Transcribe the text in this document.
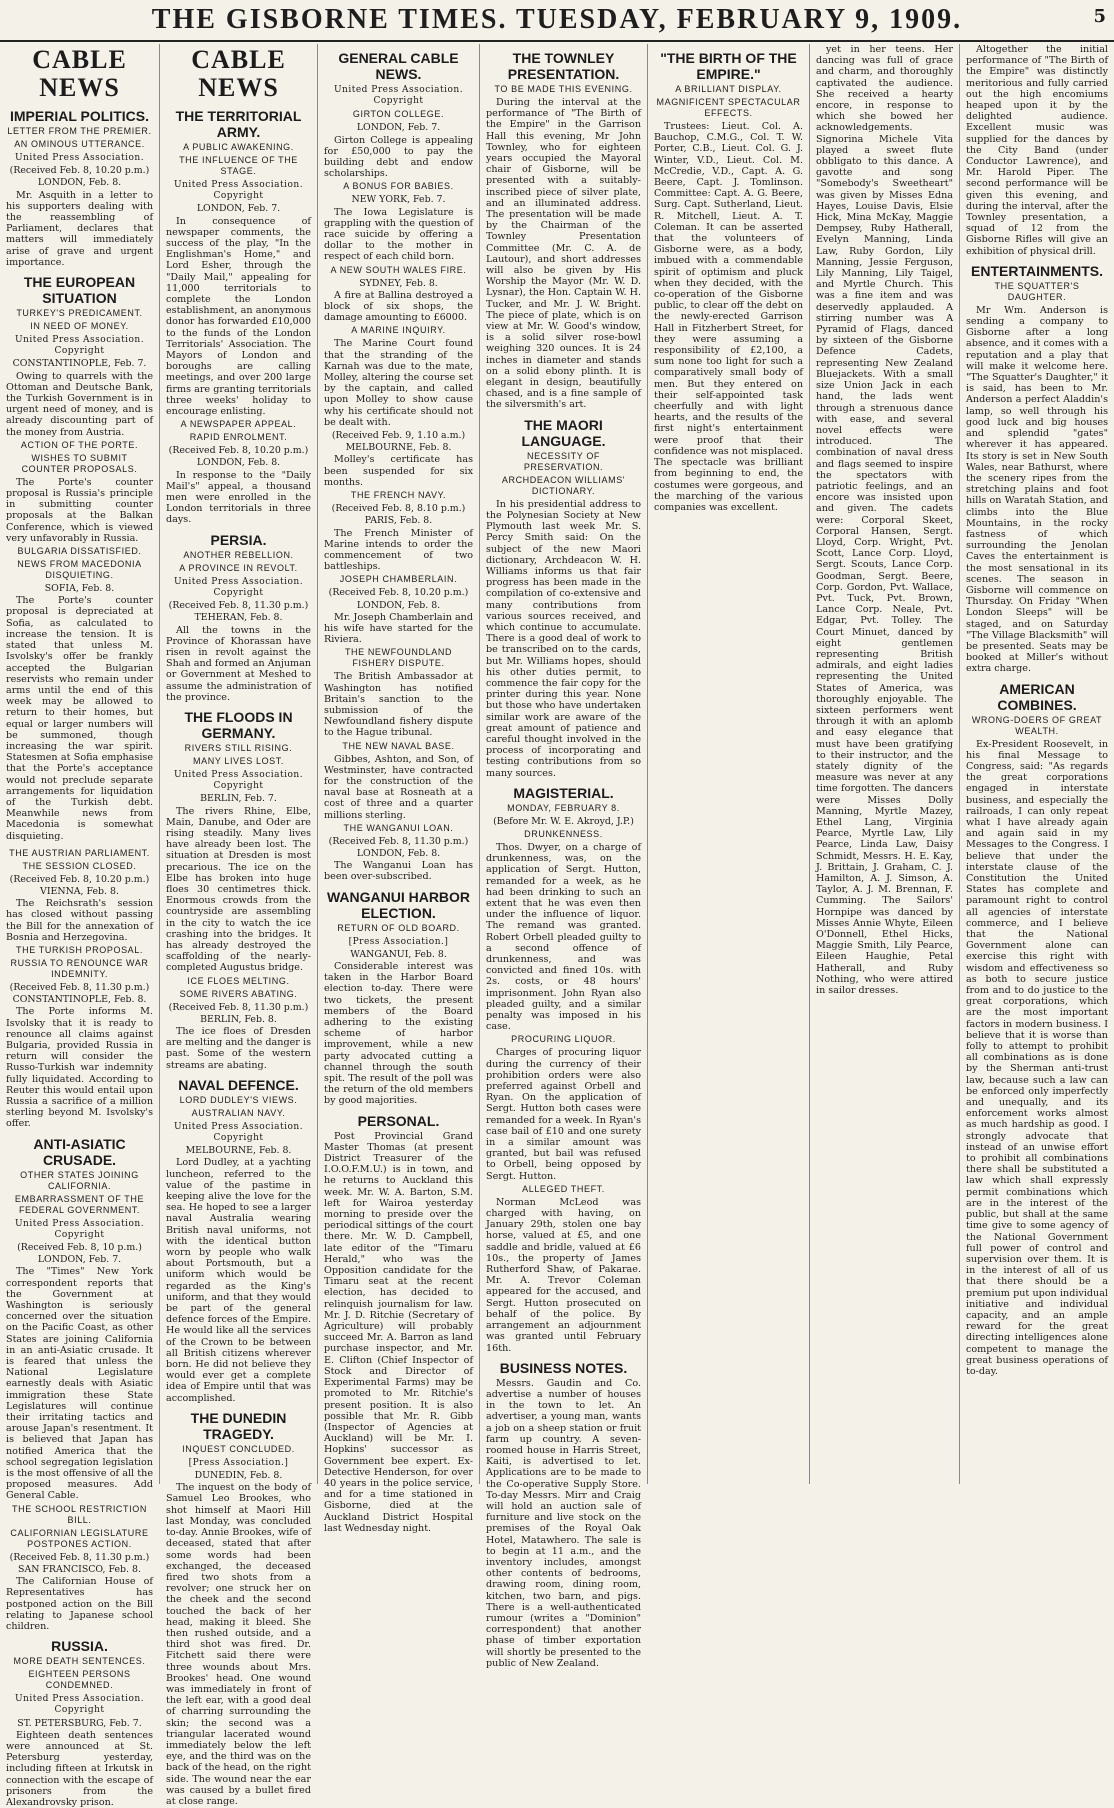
THE GISBORNE TIMES. TUESDAY, FEBRUARY 9, 1909.	5
CABLE NEWS
IMPERIAL POLITICS.
LETTER FROM THE PREMIER.
AN OMINOUS UTTERANCE.
United Press Association.
(Received Feb. 8, 10.20 p.m.)
LONDON, Feb. 8.

Mr. Asquith in a letter to his supporters dealing with the reassembling of Parliament, declares that matters will immediately arise of grave and urgent importance.

THE EUROPEAN SITUATION
TURKEY'S PREDICAMENT.
IN NEED OF MONEY.
United Press Association. Copyright
CONSTANTINOPLE, Feb. 7.

Owing to quarrels with the Ottoman and Deutsche Bank, the Turkish Government is in urgent need of money, and is already discounting part of the money from Austria.

ACTION OF THE PORTE.
WISHES TO SUBMIT COUNTER PROPOSALS.

The Porte's counter proposal is Russia's principle in submitting counter proposals at the Balkan Conference, which is viewed very unfavorably in Russia.

BULGARIA DISSATISFIED.
NEWS FROM MACEDONIA DISQUIETING.
SOFIA, Feb. 8.

The Porte's counter proposal is depreciated at Sofia, as calculated to increase the tension. It is stated that unless M. Isvolsky's offer be frankly accepted the Bulgarian reservists who remain under arms until the end of this week may be allowed to return to their homes, but equal or larger numbers will be summoned, though increasing the war spirit. Statesmen at Sofia emphasise that the Porte's acceptance would not preclude separate arrangements for liquidation of the Turkish debt. Meanwhile news from Macedonia is somewhat disquieting.

THE AUSTRIAN PARLIAMENT.
THE SESSION CLOSED.
(Received Feb. 8, 10.20 p.m.)
VIENNA, Feb. 8.

The Reichsrath's session has closed without passing the Bill for the annexation of Bosnia and Herzegovina.

THE TURKISH PROPOSAL.
RUSSIA TO RENOUNCE WAR INDEMNITY.
(Received Feb. 8, 11.30 p.m.)
CONSTANTINOPLE, Feb. 8.

The Porte informs M. Isvolsky that it is ready to renounce all claims against Bulgaria, provided Russia in return will consider the Russo-Turkish war indemnity fully liquidated. According to Reuter this would entail upon Russia a sacrifice of a million sterling beyond M. Isvolsky's offer.

ANTI-ASIATIC CRUSADE.
OTHER STATES JOINING CALIFORNIA.
EMBARRASSMENT OF THE FEDERAL GOVERNMENT.
United Press Association. Copyright
(Received Feb. 8, 10 p.m.)
LONDON, Feb. 7.

The "Times" New York correspondent reports that the Government at Washington is seriously concerned over the situation on the Pacific Coast, as other States are joining California in an anti-Asiatic crusade. It is feared that unless the National Legislature earnestly deals with Asiatic immigration these State Legislatures will continue their irritating tactics and arouse Japan's resentment. It is believed that Japan has notified America that the school segregation legislation is the most offensive of all the proposed measures. Add General Cable.

THE SCHOOL RESTRICTION BILL.
CALIFORNIAN LEGISLATURE POSTPONES ACTION.
(Received Feb. 8, 11.30 p.m.)
SAN FRANCISCO, Feb. 8.

The Californian House of Representatives has postponed action on the Bill relating to Japanese school children.

RUSSIA.
MORE DEATH SENTENCES.
EIGHTEEN PERSONS CONDEMNED.
United Press Association. Copyright
ST. PETERSBURG, Feb. 7.

Eighteen death sentences were announced at St. Petersburg yesterday, including fifteen at Irkutsk in connection with the escape of prisoners from the Alexandrovsky prison.

CABLE NEWS
THE TERRITORIAL ARMY.
A PUBLIC AWAKENING.
THE INFLUENCE OF THE STAGE.
United Press Association. Copyright
LONDON, Feb. 7.

In consequence of newspaper comments, the success of the play, "In the Englishman's Home," and Lord Esher, through the "Daily Mail," appealing for 11,000 territorials to complete the London establishment, an anonymous donor has forwarded £10,000 to the funds of the London Territorials' Association. The Mayors of London and boroughs are calling meetings, and over 200 large firms are granting territorials three weeks' holiday to encourage enlisting.

A NEWSPAPER APPEAL.
RAPID ENROLMENT.
(Received Feb. 8, 10.20 p.m.)
LONDON, Feb. 8.

In response to the "Daily Mail's" appeal, a thousand men were enrolled in the London territorials in three days.

PERSIA.
ANOTHER REBELLION.
A PROVINCE IN REVOLT.
United Press Association. Copyright
(Received Feb. 8, 11.30 p.m.)
TEHERAN, Feb. 8.

All the towns in the Province of Khorassan have risen in revolt against the Shah and formed an Anjuman or Government at Meshed to assume the administration of the province.

THE FLOODS IN GERMANY.
RIVERS STILL RISING.
MANY LIVES LOST.
United Press Association. Copyright
BERLIN, Feb. 7.

The rivers Rhine, Elbe, Main, Danube, and Oder are rising steadily. Many lives have already been lost. The situation at Dresden is most precarious. The ice on the Elbe has broken into huge floes 30 centimetres thick. Enormous crowds from the countryside are assembling in the city to watch the ice crashing into the bridges. It has already destroyed the scaffolding of the nearly-completed Augustus bridge.

ICE FLOES MELTING.
SOME RIVERS ABATING.
(Received Feb. 8, 11.30 p.m.)
BERLIN, Feb. 8.

The ice floes of Dresden are melting and the danger is past. Some of the western streams are abating.

NAVAL DEFENCE.
LORD DUDLEY'S VIEWS.
AUSTRALIAN NAVY.
United Press Association. Copyright
MELBOURNE, Feb. 8.

Lord Dudley, at a yachting luncheon, referred to the value of the pastime in keeping alive the love for the sea. He hoped to see a larger naval Australia wearing British naval uniforms, not with the identical button worn by people who walk about Portsmouth, but a uniform which would be regarded as the King's uniform, and that they would be part of the general defence forces of the Empire. He would like all the services of the Crown to be between all British citizens wherever born. He did not believe they would ever get a complete idea of Empire until that was accomplished.

THE DUNEDIN TRAGEDY.
INQUEST CONCLUDED.
[Press Association.]
DUNEDIN, Feb. 8.

The inquest on the body of Samuel Leo Brookes, who shot himself at Maori Hill last Monday, was concluded to-day. Annie Brookes, wife of deceased, stated that after some words had been exchanged, the deceased fired two shots from a revolver; one struck her on the cheek and the second touched the back of her head, making it bleed. She then rushed outside, and a third shot was fired. Dr. Fitchett said there were three wounds about Mrs. Brookes' head. One wound was immediately in front of the left ear, with a good deal of charring surrounding the skin; the second was a triangular lacerated wound immediately below the left eye, and the third was on the back of the head, on the right side. The wound near the ear was caused by a bullet fired at close range.

GENERAL CABLE NEWS.
United Press Association. Copyright
GIRTON COLLEGE.
LONDON, Feb. 7.

Girton College is appealing for £50,000 to pay the building debt and endow scholarships.

A BONUS FOR BABIES.
NEW YORK, Feb. 7.

The Iowa Legislature is grappling with the question of race suicide by offering a dollar to the mother in respect of each child born.

A NEW SOUTH WALES FIRE.
SYDNEY, Feb. 8.

A fire at Ballina destroyed a block of six shops, the damage amounting to £6000.

A MARINE INQUIRY.

The Marine Court found that the stranding of the Karnah was due to the mate, Molley, altering the course set by the captain, and called upon Molley to show cause why his certificate should not be dealt with.

(Received Feb. 9, 1.10 a.m.)
MELBOURNE, Feb. 8.

Molley's certificate has been suspended for six months.

THE FRENCH NAVY.
(Received Feb. 8, 8.10 p.m.)
PARIS, Feb. 8.

The French Minister of Marine intends to order the commencement of two battleships.

JOSEPH CHAMBERLAIN.
(Received Feb. 8, 10.20 p.m.)
LONDON, Feb. 8.

Mr. Joseph Chamberlain and his wife have started for the Riviera.

THE NEWFOUNDLAND FISHERY DISPUTE.

The British Ambassador at Washington has notified Britain's sanction to the submission of the Newfoundland fishery dispute to the Hague tribunal.

THE NEW NAVAL BASE.

Gibbes, Ashton, and Son, of Westminster, have contracted for the construction of the naval base at Rosneath at a cost of three and a quarter millions sterling.

THE WANGANUI LOAN.
(Received Feb. 8, 11.30 p.m.)
LONDON, Feb. 8.

The Wanganui Loan has been over-subscribed.

WANGANUI HARBOR ELECTION.
RETURN OF OLD BOARD.
[Press Association.]
WANGANUI, Feb. 8.

Considerable interest was taken in the Harbor Board election to-day. There were two tickets, the present members of the Board adhering to the existing scheme of harbor improvement, while a new party advocated cutting a channel through the south spit. The result of the poll was the return of the old members by good majorities.

PERSONAL.

Post Provincial Grand Master Thomas (at present District Treasurer of the I.O.O.F.M.U.) is in town, and he returns to Auckland this week. Mr. W. A. Barton, S.M. left for Wairoa yesterday morning to preside over the periodical sittings of the court there. Mr. W. D. Campbell, late editor of the "Timaru Herald," who was the Opposition candidate for the Timaru seat at the recent election, has decided to relinquish journalism for law. Mr. J. D. Ritchie (Secretary of Agriculture) will probably succeed Mr. A. Barron as land purchase inspector, and Mr. E. Clifton (Chief Inspector of Stock and Director of Experimental Farms) may be promoted to Mr. Ritchie's present position. It is also possible that Mr. R. Gibb (Inspector of Agencies at Auckland) will be Mr. I. Hopkins' successor as Government bee expert. Ex-Detective Henderson, for over 40 years in the police service, and for a time stationed in Gisborne, died at the Auckland District Hospital last Wednesday night.

THE TOWNLEY PRESENTATION.
TO BE MADE THIS EVENING.

During the interval at the performance of "The Birth of the Empire" in the Garrison Hall this evening, Mr John Townley, who for eighteen years occupied the Mayoral chair of Gisborne, will be presented with a suitably-inscribed piece of silver plate, and an illuminated address. The presentation will be made by the Chairman of the Townley Presentation Committee (Mr. C. A. de Lautour), and short addresses will also be given by His Worship the Mayor (Mr. W. D. Lysnar), the Hon. Captain W. H. Tucker, and Mr. J. W. Bright. The piece of plate, which is on view at Mr. W. Good's window, is a solid silver rose-bowl weighing 320 ounces. It is 24 inches in diameter and stands on a solid ebony plinth. It is elegant in design, beautifully chased, and is a fine sample of the silversmith's art.

THE MAORI LANGUAGE.
NECESSITY OF PRESERVATION.
ARCHDEACON WILLIAMS' DICTIONARY.

In his presidential address to the Polynesian Society at New Plymouth last week Mr. S. Percy Smith said: On the subject of the new Maori dictionary, Archdeacon W. H. Williams informs us that fair progress has been made in the compilation of co-extensive and many contributions from various sources received, and which continue to accumulate. There is a good deal of work to be transcribed on to the cards, but Mr. Williams hopes, should his other duties permit, to commence the fair copy for the printer during this year. None but those who have undertaken similar work are aware of the great amount of patience and careful thought involved in the process of incorporating and testing contributions from so many sources.

MAGISTERIAL.
MONDAY, FEBRUARY 8.
(Before Mr. W. E. Akroyd, J.P.)
DRUNKENNESS.

Thos. Dwyer, on a charge of drunkenness, was, on the application of Sergt. Hutton, remanded for a week, as he had been drinking to such an extent that he was even then under the influence of liquor. The remand was granted. Robert Orbell pleaded guilty to a second offence of drunkenness, and was convicted and fined 10s. with 2s. costs, or 48 hours' imprisonment. John Ryan also pleaded guilty, and a similar penalty was imposed in his case.

PROCURING LIQUOR.

Charges of procuring liquor during the currency of their prohibition orders were also preferred against Orbell and Ryan. On the application of Sergt. Hutton both cases were remanded for a week. In Ryan's case bail of £10 and one surety in a similar amount was granted, but bail was refused to Orbell, being opposed by Sergt. Hutton.

ALLEGED THEFT.

Norman McLeod was charged with having, on January 29th, stolen one bay horse, valued at £5, and one saddle and bridle, valued at £6 10s., the property of James Rutherford Shaw, of Pakarae. Mr. A. Trevor Coleman appeared for the accused, and Sergt. Hutton prosecuted on behalf of the police. By arrangement an adjournment was granted until February 16th.

BUSINESS NOTES.

Messrs. Gaudin and Co. advertise a number of houses in the town to let. An advertiser, a young man, wants a job on a sheep station or fruit farm up country. A seven-roomed house in Harris Street, Kaiti, is advertised to let. Applications are to be made to the Co-operative Supply Store. To-day Messrs. Mirr and Craig will hold an auction sale of furniture and live stock on the premises of the Royal Oak Hotel, Matawhero. The sale is to begin at 11 a.m., and the inventory includes, amongst other contents of bedrooms, drawing room, dining room, kitchen, two barn, and pigs. There is a well-authenticated rumour (writes a "Dominion" correspondent) that another phase of timber exportation will shortly be presented to the public of New Zealand.

"THE BIRTH OF THE EMPIRE."
A BRILLIANT DISPLAY.
MAGNIFICENT SPECTACULAR EFFECTS.

Trustees: Lieut. Col. A. Bauchop, C.M.G., Col. T. W. Porter, C.B., Lieut. Col. G. J. Winter, V.D., Lieut. Col. M. McCredie, V.D., Capt. A. G. Beere, Capt. J. Tomlinson. Committee: Capt. A. G. Beere, Surg. Capt. Sutherland, Lieut. R. Mitchell, Lieut. A. T. Coleman. It can be asserted that the volunteers of Gisborne were, as a body, imbued with a commendable spirit of optimism and pluck when they decided, with the co-operation of the Gisborne public, to clear off the debt on the newly-erected Garrison Hall in Fitzherbert Street, for they were assuming a responsibility of £2,100, a sum none too light for such a comparatively small body of men. But they entered on their self-appointed task cheerfully and with light hearts, and the results of the first night's entertainment were proof that their confidence was not misplaced. The spectacle was brilliant from beginning to end, the costumes were gorgeous, and the marching of the various companies was excellent.

yet in her teens. Her dancing was full of grace and charm, and thoroughly captivated the audience. She received a hearty encore, in response to which she bowed her acknowledgements. Signorina Michele Vita played a sweet flute obbligato to this dance. A gavotte and song "Somebody's Sweetheart" was given by Misses Edna Hayes, Louise Davis, Elsie Hick, Mina McKay, Maggie Dempsey, Ruby Hatherall, Evelyn Manning, Linda Law, Ruby Gordon, Lily Manning, Jessie Ferguson, Lily Manning, Lily Taigel, and Myrtle Church. This was a fine item and was deservedly applauded. A stirring number was A Pyramid of Flags, danced by sixteen of the Gisborne Defence Cadets, representing New Zealand Bluejackets. With a small size Union Jack in each hand, the lads went through a strenuous dance with ease, and several novel effects were introduced. The combination of naval dress and flags seemed to inspire the spectators with patriotic feelings, and an encore was insisted upon and given. The cadets were: Corporal Skeet, Corporal Hansen, Sergt. Lloyd, Corp. Wright, Pvt. Scott, Lance Corp. Lloyd, Sergt. Scouts, Lance Corp. Goodman, Sergt. Beere, Corp. Gordon, Pvt. Wallace, Pvt. Tuck, Pvt. Brown, Lance Corp. Neale, Pvt. Edgar, Pvt. Tolley. The Court Minuet, danced by eight gentlemen representing British admirals, and eight ladies representing the United States of America, was thoroughly enjoyable. The sixteen performers went through it with an aplomb and easy elegance that must have been gratifying to their instructor, and the stately dignity of the measure was never at any time forgotten. The dancers were Misses Dolly Manning, Myrtle Mazey, Ethel Lang, Virginia Pearce, Myrtle Law, Lily Pearce, Linda Law, Daisy Schmidt, Messrs. H. E. Kay, J. Brittain, J. Graham, C. J. Hamilton, A. J. Simson, A. Taylor, A. J. M. Brennan, F. Cumming. The Sailors' Hornpipe was danced by Misses Annie Whyte, Eileen O'Donnell, Ethel Hicks, Maggie Smith, Lily Pearce, Eileen Haughie, Petal Hatherall, and Ruby Nothing, who were attired in sailor dresses.

Altogether the initial performance of "The Birth of the Empire" was distinctly meritorious and fully carried out the high encomiums heaped upon it by the delighted audience. Excellent music was supplied for the dances by the City Band (under Conductor Lawrence), and Mr. Harold Piper. The second performance will be given this evening, and during the interval, after the Townley presentation, a squad of 12 from the Gisborne Rifles will give an exhibition of physical drill.

ENTERTAINMENTS.
THE SQUATTER'S DAUGHTER.

Mr Wm. Anderson is sending a company to Gisborne after a long absence, and it comes with a reputation and a play that will make it welcome here. "The Squatter's Daughter," it is said, has been to Mr. Anderson a perfect Aladdin's lamp, so well through his good luck and big houses and splendid "gates" wherever it has appeared. Its story is set in New South Wales, near Bathurst, where the scenery ripes from the stretching plains and foot hills on Waratah Station, and climbs into the Blue Mountains, in the rocky fastness of which surrounding the Jenolan Caves the entertainment is the most sensational in its scenes. The season in Gisborne will commence on Thursday. On Friday "When London Sleeps" will be staged, and on Saturday "The Village Blacksmith" will be presented. Seats may be booked at Miller's without extra charge.

AMERICAN COMBINES.
WRONG-DOERS OF GREAT WEALTH.

Ex-President Roosevelt, in his final Message to Congress, said: "As regards the great corporations engaged in interstate business, and especially the railroads, I can only repeat what I have already again and again said in my Messages to the Congress. I believe that under the interstate clause of the Constitution the United States has complete and paramount right to control all agencies of interstate commerce, and I believe that the National Government alone can exercise this right with wisdom and effectiveness so as both to secure justice from and to do justice to the great corporations, which are the most important factors in modern business. I believe that it is worse than folly to attempt to prohibit all combinations as is done by the Sherman anti-trust law, because such a law can be enforced only imperfectly and unequally, and its enforcement works almost as much hardship as good. I strongly advocate that instead of an unwise effort to prohibit all combinations there shall be substituted a law which shall expressly permit combinations which are in the interest of the public, but shall at the same time give to some agency of the National Government full power of control and supervision over them. It is in the interest of all of us that there should be a premium put upon individual initiative and individual capacity, and an ample reward for the great directing intelligences alone competent to manage the great business operations of to-day.
